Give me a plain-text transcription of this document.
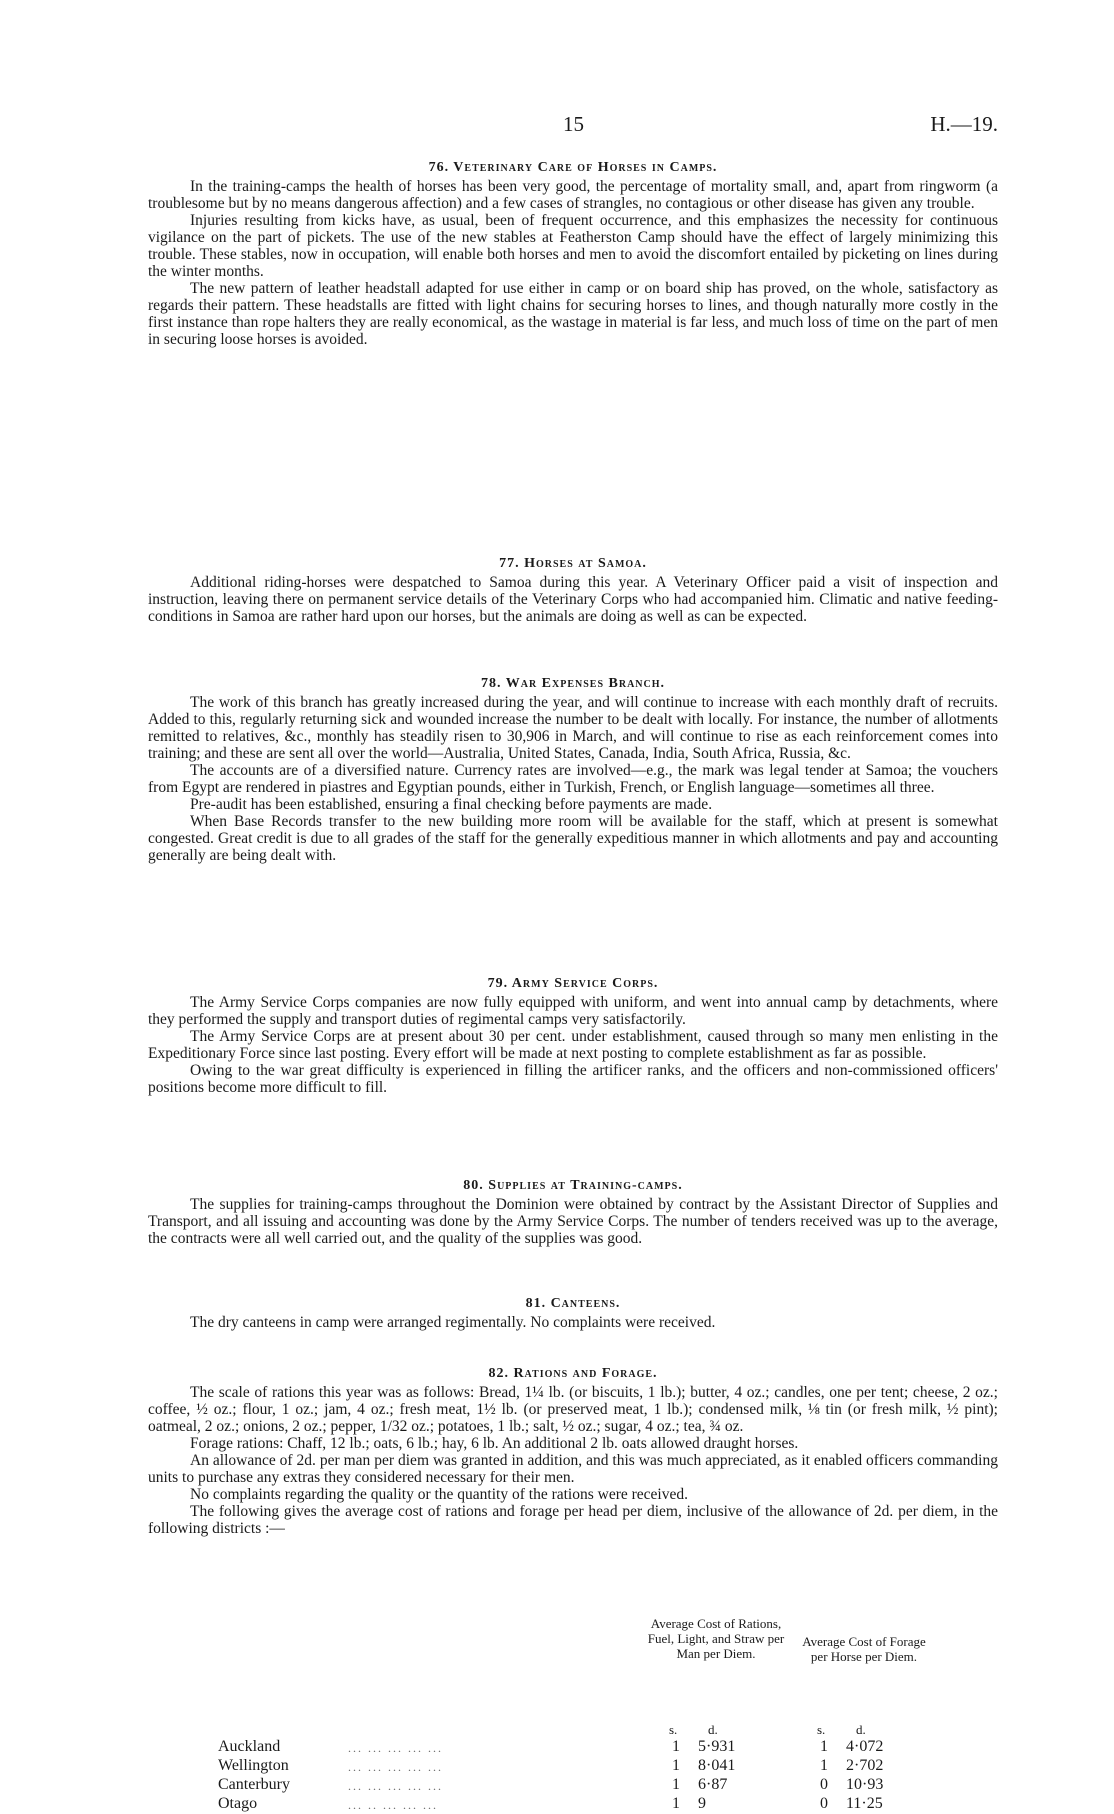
15	H.—19.
76. Veterinary Care of Horses in Camps.

In the training-camps the health of horses has been very good, the percentage of mortality small, and, apart from ringworm (a troublesome but by no means dangerous affection) and a few cases of strangles, no contagious or other disease has given any trouble.

Injuries resulting from kicks have, as usual, been of frequent occurrence, and this emphasizes the necessity for continuous vigilance on the part of pickets. The use of the new stables at Featherston Camp should have the effect of largely minimizing this trouble. These stables, now in occupation, will enable both horses and men to avoid the discomfort entailed by picketing on lines during the winter months.

The new pattern of leather headstall adapted for use either in camp or on board ship has proved, on the whole, satisfactory as regards their pattern. These headstalls are fitted with light chains for securing horses to lines, and though naturally more costly in the first instance than rope halters they are really economical, as the wastage in material is far less, and much loss of time on the part of men in securing loose horses is avoided.

77. Horses at Samoa.

Additional riding-horses were despatched to Samoa during this year. A Veterinary Officer paid a visit of inspection and instruction, leaving there on permanent service details of the Veterinary Corps who had accompanied him. Climatic and native feeding-conditions in Samoa are rather hard upon our horses, but the animals are doing as well as can be expected.

78. War Expenses Branch.

The work of this branch has greatly increased during the year, and will continue to increase with each monthly draft of recruits. Added to this, regularly returning sick and wounded increase the number to be dealt with locally. For instance, the number of allotments remitted to relatives, &c., monthly has steadily risen to 30,906 in March, and will continue to rise as each reinforcement comes into training; and these are sent all over the world—Australia, United States, Canada, India, South Africa, Russia, &c.

The accounts are of a diversified nature. Currency rates are involved—e.g., the mark was legal tender at Samoa; the vouchers from Egypt are rendered in piastres and Egyptian pounds, either in Turkish, French, or English language—sometimes all three.

Pre-audit has been established, ensuring a final checking before payments are made.

When Base Records transfer to the new building more room will be available for the staff, which at present is somewhat congested. Great credit is due to all grades of the staff for the generally expeditious manner in which allotments and pay and accounting generally are being dealt with.

79. Army Service Corps.

The Army Service Corps companies are now fully equipped with uniform, and went into annual camp by detachments, where they performed the supply and transport duties of regimental camps very satisfactorily.

The Army Service Corps are at present about 30 per cent. under establishment, caused through so many men enlisting in the Expeditionary Force since last posting. Every effort will be made at next posting to complete establishment as far as possible.

Owing to the war great difficulty is experienced in filling the artificer ranks, and the officers and non-commissioned officers' positions become more difficult to fill.

80. Supplies at Training-camps.

The supplies for training-camps throughout the Dominion were obtained by contract by the Assistant Director of Supplies and Transport, and all issuing and accounting was done by the Army Service Corps. The number of tenders received was up to the average, the contracts were all well carried out, and the quality of the supplies was good.

81. Canteens.

The dry canteens in camp were arranged regimentally. No complaints were received.

82. Rations and Forage.

The scale of rations this year was as follows: Bread, 1¼ lb. (or biscuits, 1 lb.); butter, 4 oz.; candles, one per tent; cheese, 2 oz.; coffee, ½ oz.; flour, 1 oz.; jam, 4 oz.; fresh meat, 1½ lb. (or preserved meat, 1 lb.); condensed milk, ⅛ tin (or fresh milk, ½ pint); oatmeal, 2 oz.; onions, 2 oz.; pepper, 1/32 oz.; potatoes, 1 lb.; salt, ½ oz.; sugar, 4 oz.; tea, ¾ oz.

Forage rations: Chaff, 12 lb.; oats, 6 lb.; hay, 6 lb. An additional 2 lb. oats allowed draught horses.

An allowance of 2d. per man per diem was granted in addition, and this was much appreciated, as it enabled officers commanding units to purchase any extras they considered necessary for their men.

No complaints regarding the quality or the quantity of the rations were received.

The following gives the average cost of rations and forage per head per diem, inclusive of the allowance of 2d. per diem, in the following districts :—

Average Cost of Rations, Fuel, Light, and Straw per Man per Diem.
Average Cost of Forage per Horse per Diem.
s. d.	s. d.
Auckland	... ... ... ... ...	1 5·931	1 4·072
Wellington	... ... ... ... ...	1 8·041	1 2·702
Canterbury	... ... ... ... ...	1 6·87	0 10·93
Otago	... .. ... ... ...	1 9	0 11·25
